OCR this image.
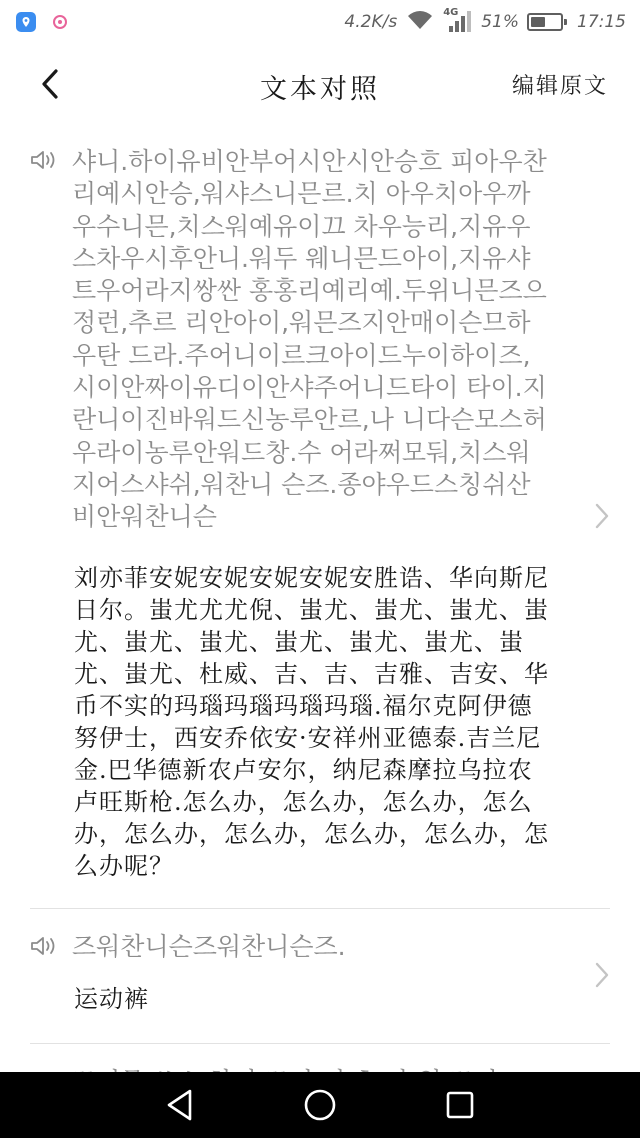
4.2K/s	4G 51%	17:15
文本对照	编辑原文
샤니.하이유비안부어시안시안승흐 피아우찬리예시안승,워샤스니믄르.치 아우치아우까우수니믄,치스워예유이끄 차우능리,지유우스차우시후안니.워두 웨니믄드아이,지유샤트우어라지쌍싼 홍홍리예리예.두위니믄즈으정런,추르 리안아이,워믄즈지안매이슨므하우탄 드라.주어니이르크아이드누이하이즈, 시이안짜이유디이안샤주어니드타이 타이.지란니이진바워드신농루안르,나 니다슨모스허우라이농루안워드창.수 어라쩌모둬,치스워지어스샤쉬,워찬니 슨즈.종야우드스칭쉬산비안워찬니슨
刘亦菲安妮安妮安妮安妮安胜诰、华向斯尼日尔。蚩尤尤尤倪、蚩尤、蚩尤、蚩尤、蚩尤、蚩尤、蚩尤、蚩尤、蚩尤、蚩尤、蚩尤、蚩尤、杜威、吉、吉、吉雅、吉安、华币不实的玛瑙玛瑙玛瑙玛瑙.福尔克阿伊德努伊士，西安乔依安·安祥州亚德泰.吉兰尼金.巴华德新农卢安尔，纳尼森摩拉乌拉农卢旺斯枪.怎么办，怎么办，怎么办，怎么办，怎么办，怎么办，怎么办，怎么办，怎么办呢？
즈워찬니슨즈워찬니슨즈.
运动裤
